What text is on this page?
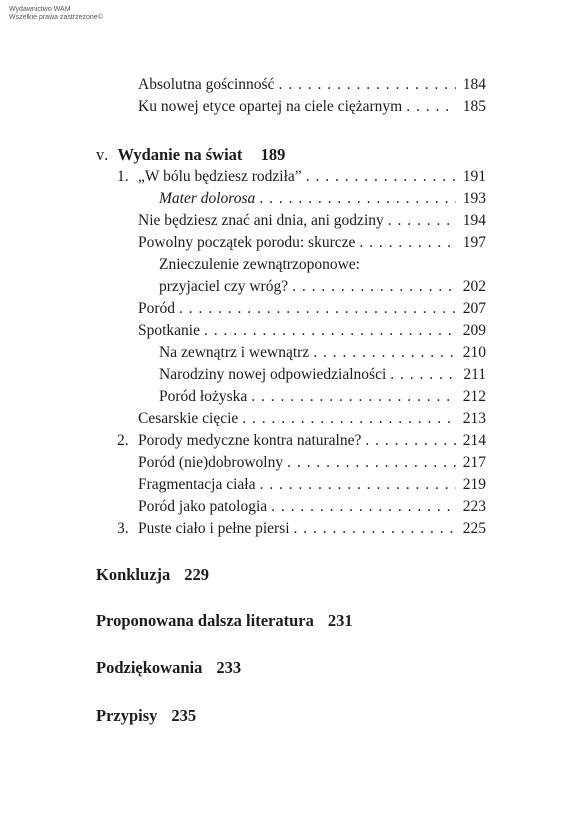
Wydawnictwo WAM
Wszelkie prawa zastrzeżone©
Absolutna gościnność . . .	184
Ku nowej etyce opartej na ciele ciężarnym . . .	185
v. Wydanie na świat 189
1. „W bólu będziesz rodziła” . . .	191
Mater dolorosa . . .	193
Nie będziesz znać ani dnia, ani godziny . . .	194
Powolny początek porodu: skurcze . . .	197
Znieczulenie zewnątrzoponowe:
przyjaciel czy wróg? . . .	202
Poród . . .	207
Spotkanie . . .	209
Na zewnątrz i wewnątrz . . .	210
Narodziny nowej odpowiedzialności . . .	211
Poród łożyska . . .	212
Cesarskie cięcie . . .	213
2. Porody medyczne kontra naturalne? . . .	214
Poród (nie)dobrowolny . . .	217
Fragmentacja ciała . . .	219
Poród jako patologia . . .	223
3. Puste ciało i pełne piersi . . .	225
Konkluzja 229
Proponowana dalsza literatura 231
Podziękowania 233
Przypisy 235
